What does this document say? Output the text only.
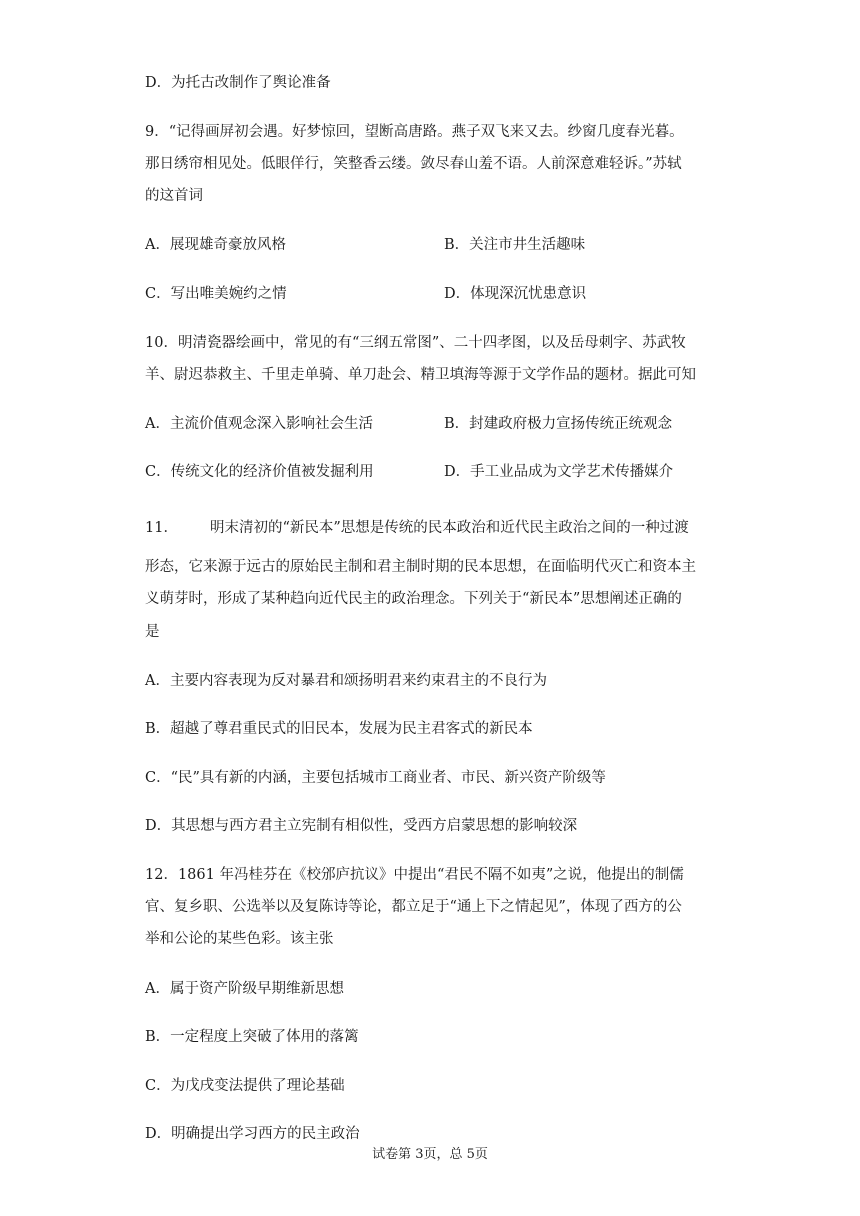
D．为托古改制作了舆论准备
9．“记得画屏初会遇。好梦惊回，望断高唐路。燕子双飞来又去。纱窗几度春光暮。
那日绣帘相见处。低眼佯行，笑整香云缕。敛尽春山羞不语。人前深意难轻诉。”苏轼
的这首词
A．展现雄奇豪放风格	B．关注市井生活趣味
C．写出唯美婉约之情	D．体现深沉忧患意识
10．明清瓷器绘画中，常见的有“三纲五常图”、二十四孝图，以及岳母刺字、苏武牧
羊、尉迟恭救主、千里走单骑、单刀赴会、精卫填海等源于文学作品的题材。据此可知
A．主流价值观念深入影响社会生活	B．封建政府极力宣扬传统正统观念
C．传统文化的经济价值被发掘利用	D．手工业品成为文学艺术传播媒介
11． 明末清初的“新民本”思想是传统的民本政治和近代民主政治之间的一种过渡
形态，它来源于远古的原始民主制和君主制时期的民本思想，在面临明代灭亡和资本主
义萌芽时，形成了某种趋向近代民主的政治理念。下列关于“新民本”思想阐述正确的
是
A．主要内容表现为反对暴君和颂扬明君来约束君主的不良行为
B．超越了尊君重民式的旧民本，发展为民主君客式的新民本
C．“民”具有新的内涵，主要包括城市工商业者、市民、新兴资产阶级等
D．其思想与西方君主立宪制有相似性，受西方启蒙思想的影响较深
12．1861 年冯桂芬在《校邠庐抗议》中提出“君民不隔不如夷”之说，他提出的制儒
官、复乡职、公选举以及复陈诗等论，都立足于“通上下之情起见”，体现了西方的公
举和公论的某些色彩。该主张
A．属于资产阶级早期维新思想
B．一定程度上突破了体用的落篱
C．为戊戌变法提供了理论基础
D．明确提出学习西方的民主政治
试卷第 3页，总 5页
